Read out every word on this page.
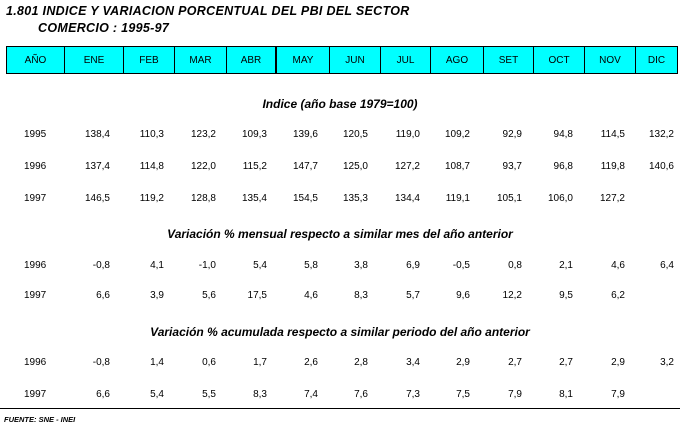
1.801 INDICE Y VARIACION PORCENTUAL DEL PBI DEL SECTOR
COMERCIO : 1995-97
AÑO	ENE	FEB	MAR	ABR	MAY	JUN	JUL	AGO	SET	OCT	NOV	DIC
Indice (año base 1979=100)
1995	138,4	110,3	123,2	109,3	139,6	120,5	119,0	109,2	92,9	94,8	114,5	132,2
1996	137,4	114,8	122,0	115,2	147,7	125,0	127,2	108,7	93,7	96,8	119,8	140,6
1997	146,5	119,2	128,8	135,4	154,5	135,3	134,4	119,1	105,1	106,0	127,2
Variación % mensual respecto a similar mes del año anterior
1996	-0,8	4,1	-1,0	5,4	5,8	3,8	6,9	-0,5	0,8	2,1	4,6	6,4
1997	6,6	3,9	5,6	17,5	4,6	8,3	5,7	9,6	12,2	9,5	6,2
Variación % acumulada respecto a similar periodo del año anterior
1996	-0,8	1,4	0,6	1,7	2,6	2,8	3,4	2,9	2,7	2,7	2,9	3,2
1997	6,6	5,4	5,5	8,3	7,4	7,6	7,3	7,5	7,9	8,1	7,9
FUENTE: SNE - INEI
